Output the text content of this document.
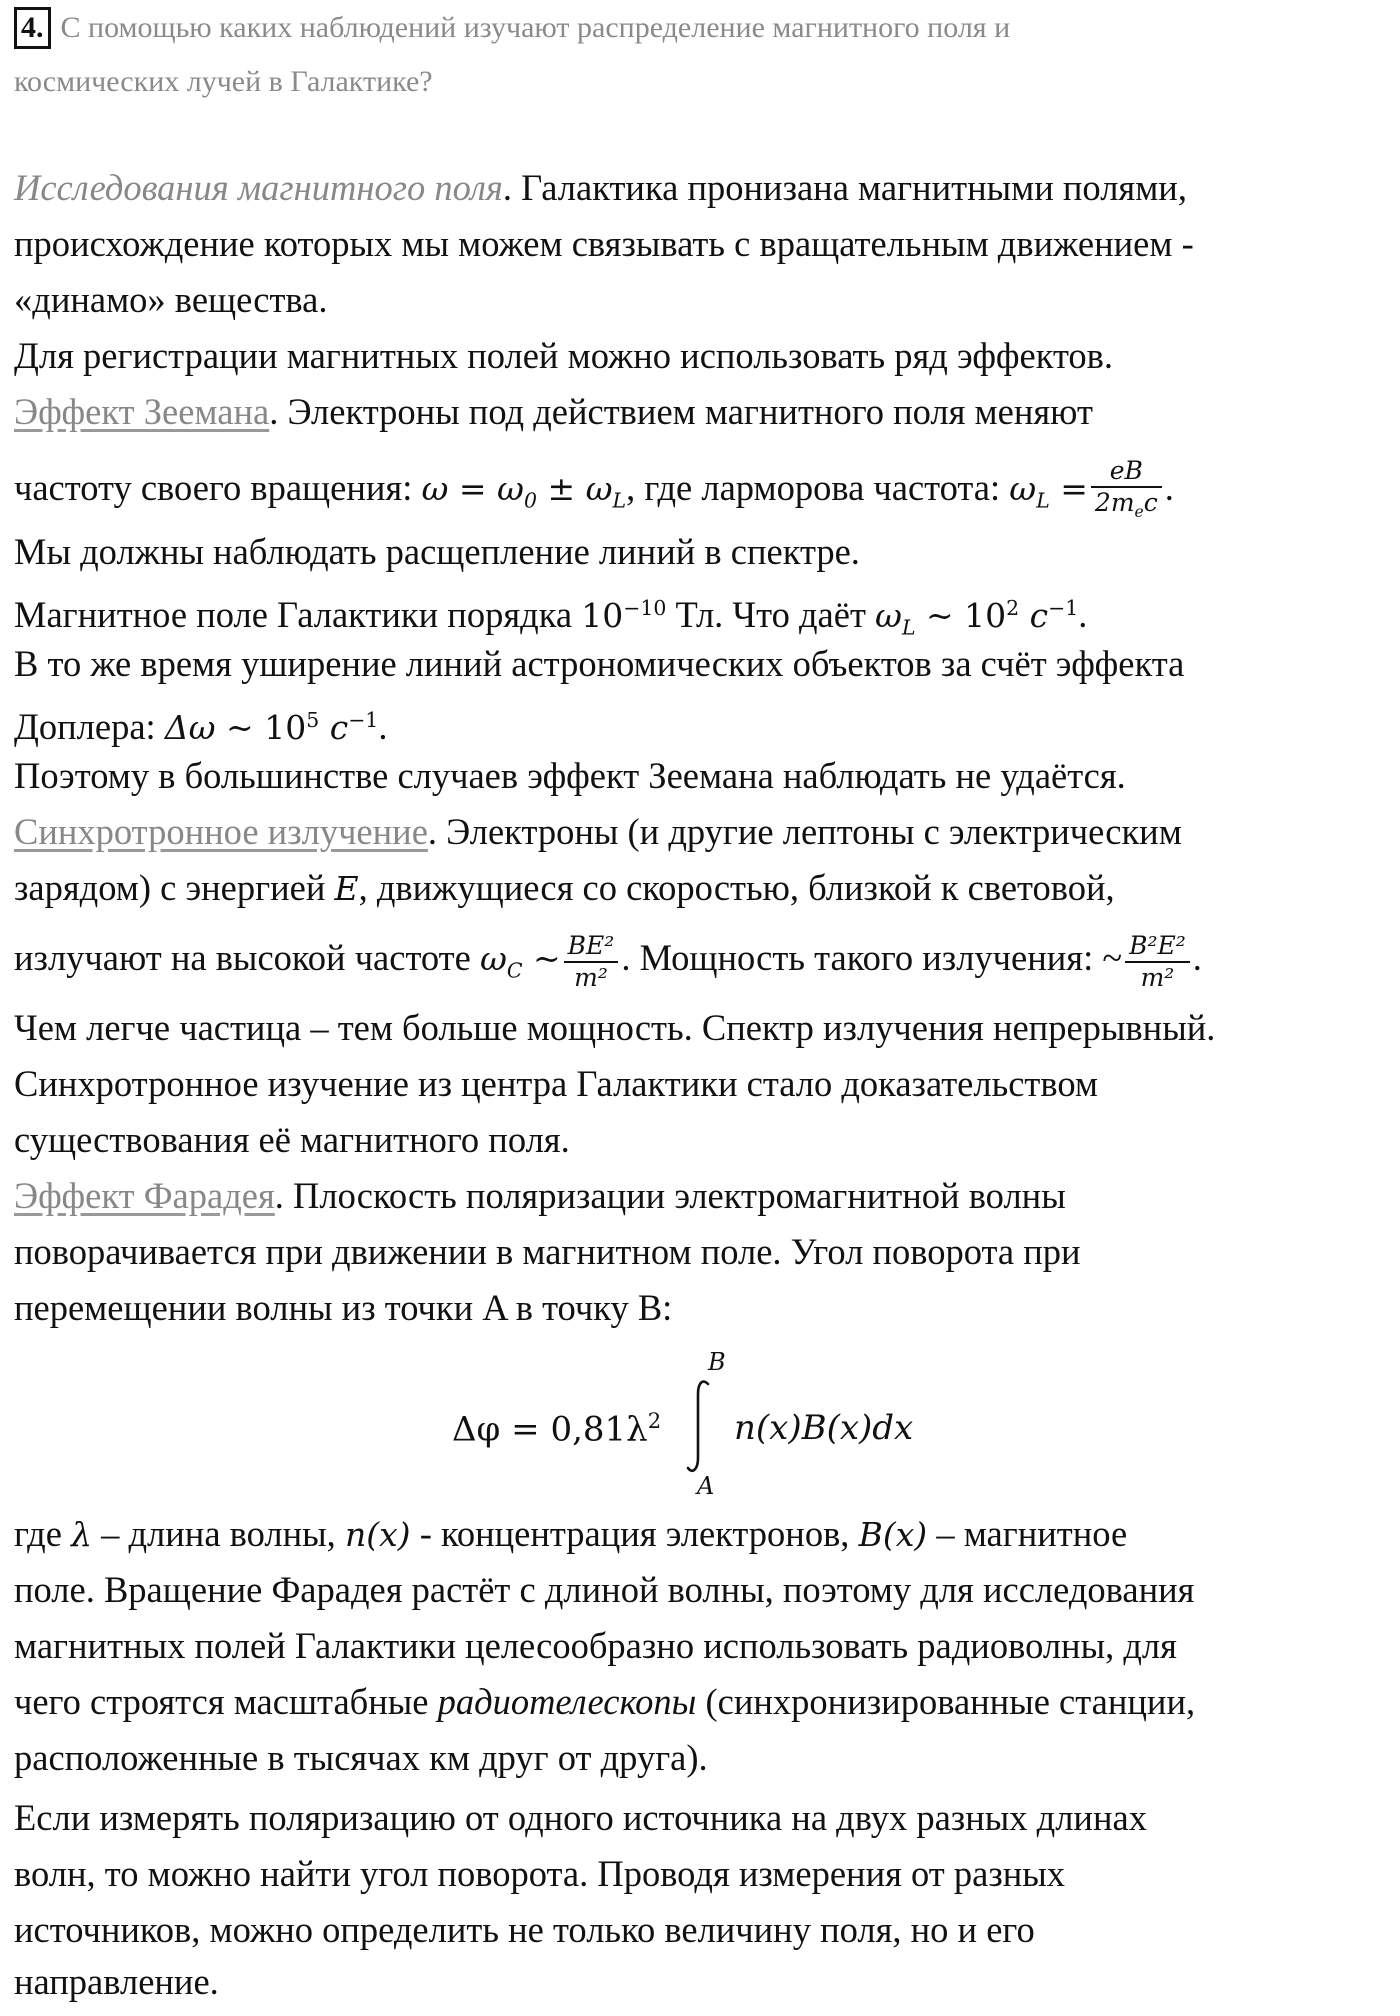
4. С помощью каких наблюдений изучают распределение магнитного поля и
космических лучей в Галактике?
Исследования магнитного поля. Галактика пронизана магнитными полями,
происхождение которых мы можем связывать с вращательным движением -
«динамо» вещества.
Для регистрации магнитных полей можно использовать ряд эффектов.
Эффект Зеемана. Электроны под действием магнитного поля меняют
частоту своего вращения: $\omega = \omega_0 \pm \omega_L$, где ларморова частота: $\omega_L = \frac{eB}{2m_ec}$ .
Мы должны наблюдать расщепление линий в спектре.
Магнитное поле Галактики порядка $10^{-10}$ Тл. Что даёт $\omega_L$ ~ $10^2$ $c^{-1}$.
В то же время уширение линий астрономических объектов за счёт эффекта
Доплера: Δω ~ $10^5$ $c^{-1}$.
Поэтому в большинстве случаев эффект Зеемана наблюдать не удаётся.
Синхротронное излучение. Электроны (и другие лептоны с электрическим
зарядом) с энергией E, движущиеся со скоростью, близкой к световой,
излучают на высокой частоте $\omega_C$ ~ $\frac{\text{BE²}}{\text{m²}}$ . Мощность такого излучения: ~ $\frac{\text{B²E²}}{\text{m²}}$ .
Чем легче частица – тем больше мощность. Спектр излучения непрерывный.
Синхротронное изучение из центра Галактики стало доказательством
существования её магнитного поля.
Эффект Фарадея. Плоскость поляризации электромагнитной волны
поворачивается при движении в магнитном поле. Угол поворота при
перемещении волны из точки A в точку B:
$\Delta\varphi = 0,81\lambda^2$
B
A
n(x)B(x)dx
где λ – длина волны, n(x) - концентрация электронов, B(x) – магнитное
поле. Вращение Фарадея растёт с длиной волны, поэтому для исследования
магнитных полей Галактики целесообразно использовать радиоволны, для
чего строятся масштабные радиотелескопы (синхронизированные станции,
расположенные в тысячах км друг от друга).
Если измерять поляризацию от одного источника на двух разных длинах
волн, то можно найти угол поворота. Проводя измерения от разных
источников, можно определить не только величину поля, но и его
направление.
